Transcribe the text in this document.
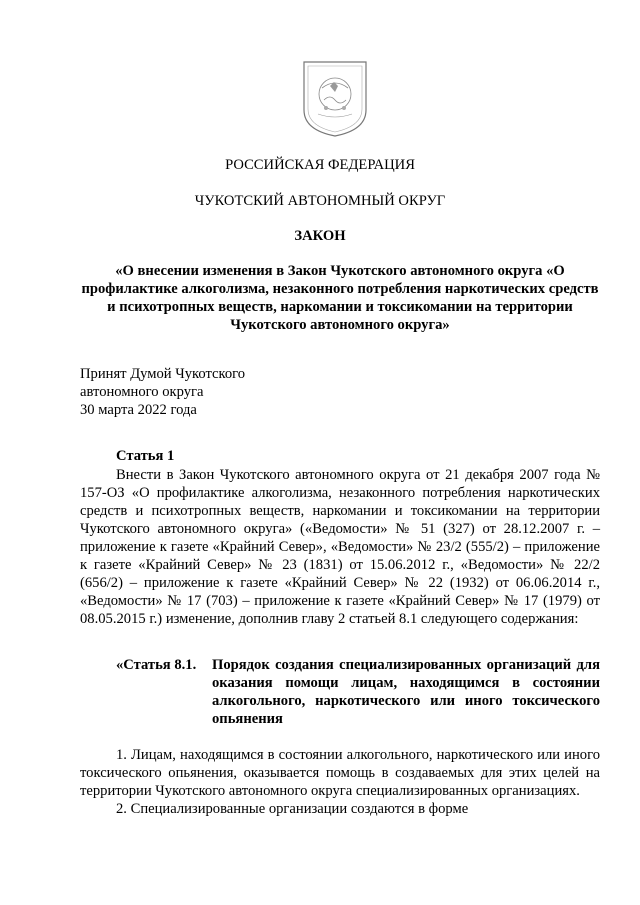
РОССИЙСКАЯ ФЕДЕРАЦИЯ
ЧУКОТСКИЙ АВТОНОМНЫЙ ОКРУГ
ЗАКОН
«О внесении изменения в Закон Чукотского автономного округа «О профилактике алкоголизма, незаконного потребления наркотических средств и психотропных веществ, наркомании и токсикомании на территории Чукотского автономного округа»
Принят Думой Чукотского
автономного округа
30 марта 2022 года
Статья 1

Внести в Закон Чукотского автономного округа от 21 декабря 2007 года № 157-ОЗ «О профилактике алкоголизма, незаконного потребления наркотических средств и психотропных веществ, наркомании и токсикомании на территории Чукотского автономного округа» («Ведомости» № 51 (327) от 28.12.2007 г. – приложение к газете «Крайний Север», «Ведомости» № 23/2 (555/2) – приложение к газете «Крайний Север» № 23 (1831) от 15.06.2012 г., «Ведомости» № 22/2 (656/2) – приложение к газете «Крайний Север» № 22 (1932) от 06.06.2014 г., «Ведомости» № 17 (703) – приложение к газете «Крайний Север» № 17 (1979) от 08.05.2015 г.) изменение, дополнив главу 2 статьей 8.1 следующего содержания:

«Статья 8.1.	Порядок создания специализированных организаций для оказания помощи лицам, находящимся в состоянии алкогольного, наркотического или иного токсического опьянения

1. Лицам, находящимся в состоянии алкогольного, наркотического или иного токсического опьянения, оказывается помощь в создаваемых для этих целей на территории Чукотского автономного округа специализированных организациях.

2. Специализированные организации создаются в форме
